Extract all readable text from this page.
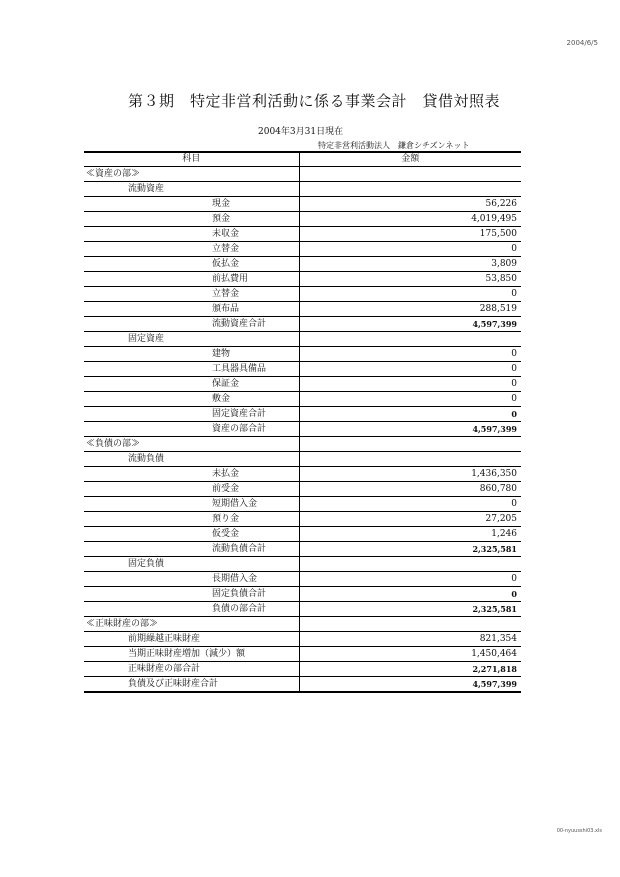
2004/6/5
第３期　特定非営利活動に係る事業会計　貸借対照表
2004年3月31日現在
特定非営利活動法人　鎌倉シチズンネット
科目	金額
≪資産の部≫	
流動資産	
現金	56,226
預金	4,019,495
未収金	175,500
立替金	0
仮払金	3,809
前払費用	53,850
立替金	0
頒布品	288,519
流動資産合計	4,597,399
固定資産	
建物	0
工具器具備品	0
保証金	0
敷金	0
固定資産合計	0
資産の部合計	4,597,399
≪負債の部≫	
流動負債	
未払金	1,436,350
前受金	860,780
短期借入金	0
預り金	27,205
仮受金	1,246
流動負債合計	2,325,581
固定負債	
長期借入金	0
固定負債合計	0
負債の部合計	2,325,581
≪正味財産の部≫	
前期繰越正味財産	821,354
当期正味財産増加（減少）額	1,450,464
正味財産の部合計	2,271,818
負債及び正味財産合計	4,597,399
00-nyuusshi03.xls
